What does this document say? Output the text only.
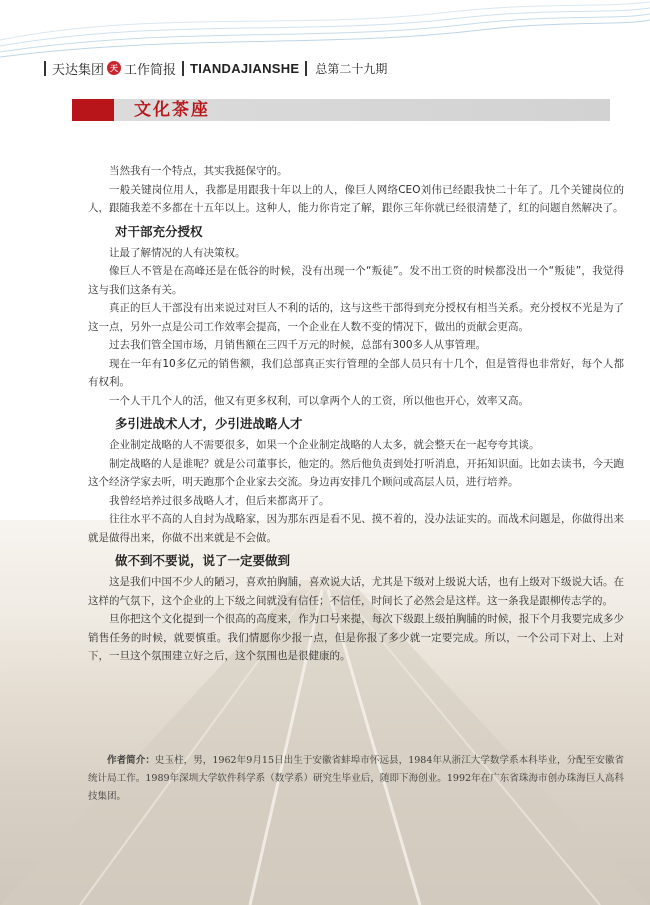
天达集团 天 工作简报 TIANDAJIANSHE 总第二十九期
文化茶座

当然我有一个特点，其实我挺保守的。

一般关键岗位用人，我都是用跟我十年以上的人，像巨人网络CEO刘伟已经跟我快二十年了。几个关键岗位的人，跟随我差不多都在十五年以上。这种人，能力你肯定了解，跟你三年你就已经很清楚了，红的问题自然解决了。

对干部充分授权

让最了解情况的人有决策权。

像巨人不管是在高峰还是在低谷的时候，没有出现一个“叛徒”。发不出工资的时候都没出一个“叛徒”，我觉得这与我们这条有关。

真正的巨人干部没有出来说过对巨人不利的话的，这与这些干部得到充分授权有相当关系。充分授权不光是为了这一点，另外一点是公司工作效率会提高，一个企业在人数不变的情况下，做出的贡献会更高。

过去我们管全国市场，月销售额在三四千万元的时候，总部有300多人从事管理。

现在一年有10多亿元的销售额，我们总部真正实行管理的全部人员只有十几个，但是管得也非常好，每个人都有权利。

一个人干几个人的活，他又有更多权利，可以拿两个人的工资，所以他也开心，效率又高。

多引进战术人才，少引进战略人才

企业制定战略的人不需要很多，如果一个企业制定战略的人太多，就会整天在一起夸夸其谈。

制定战略的人是谁呢？就是公司董事长，他定的。然后他负责到处打听消息，开拓知识面。比如去读书，今天跑这个经济学家去听，明天跑那个企业家去交流。身边再安排几个顾问或高层人员，进行培养。

我曾经培养过很多战略人才，但后来都离开了。

往往水平不高的人自封为战略家，因为那东西是看不见、摸不着的，没办法证实的。而战术问题是，你做得出来就是做得出来，你做不出来就是不会做。

做不到不要说，说了一定要做到

这是我们中国不少人的陋习，喜欢拍胸脯，喜欢说大话，尤其是下级对上级说大话，也有上级对下级说大话。在这样的气氛下，这个企业的上下级之间就没有信任；不信任，时间长了必然会是这样。这一条我是跟柳传志学的。

旦你把这个文化提到一个很高的高度来，作为口号来提，每次下级跟上级拍胸脯的时候，报下个月我要完成多少销售任务的时候，就要慎重。我们情愿你少报一点，但是你报了多少就一定要完成。所以，一个公司下对上、上对下，一旦这个氛围建立好之后，这个氛围也是很健康的。

作者简介：史玉柱，男，1962年9月15日出生于安徽省蚌埠市怀远县，1984年从浙江大学数学系本科毕业，分配至安徽省统计局工作。1989年深圳大学软件科学系（数学系）研究生毕业后，随即下海创业。1992年在广东省珠海市创办珠海巨人高科技集团。
